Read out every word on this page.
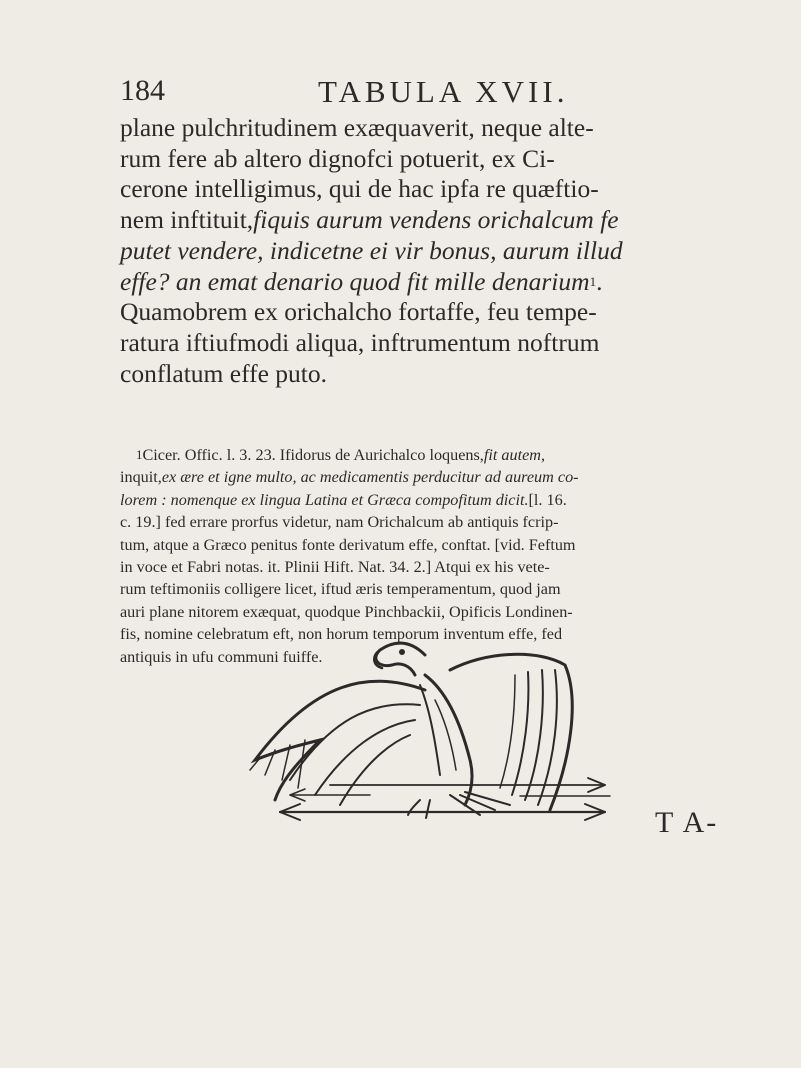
184	TABULA XVII.
plane pulchritudinem exæquaverit, neque alte-
rum fere ab altero dignofci potuerit, ex Ci-
cerone intelligimus, qui de hac ipfa re quæftio-
nem inftituit, fiquis aurum vendens orichalcum fe
putet vendere, indicetne ei vir bonus, aurum illud
effe? an emat denario quod fit mille denarium 1 .
Quamobrem ex orichalcho fortaffe, feu tempe-
ratura iftiufmodi aliqua, inftrumentum noftrum
conflatum effe puto.
1 Cicer. Offic. l. 3. 23. Ifidorus de Aurichalco loquens, fit autem,
inquit, ex ære et igne multo, ac medicamentis perducitur ad aureum co-
lorem : nomenque ex lingua Latina et Græca compofitum dicit. [l. 16.
c. 19.] fed errare prorfus videtur, nam Orichalcum ab antiquis fcrip-
tum, atque a Græco penitus fonte derivatum effe, conftat. [vid. Feftum
in voce et Fabri notas. it. Plinii Hift. Nat. 34. 2.] Atqui ex his vete-
rum teftimoniis colligere licet, iftud æris temperamentum, quod jam
auri plane nitorem exæquat, quodque Pinchbackii, Opificis Londinen-
fis, nomine celebratum eft, non horum temporum inventum effe, fed
antiquis in ufu communi fuiffe.
T A-
